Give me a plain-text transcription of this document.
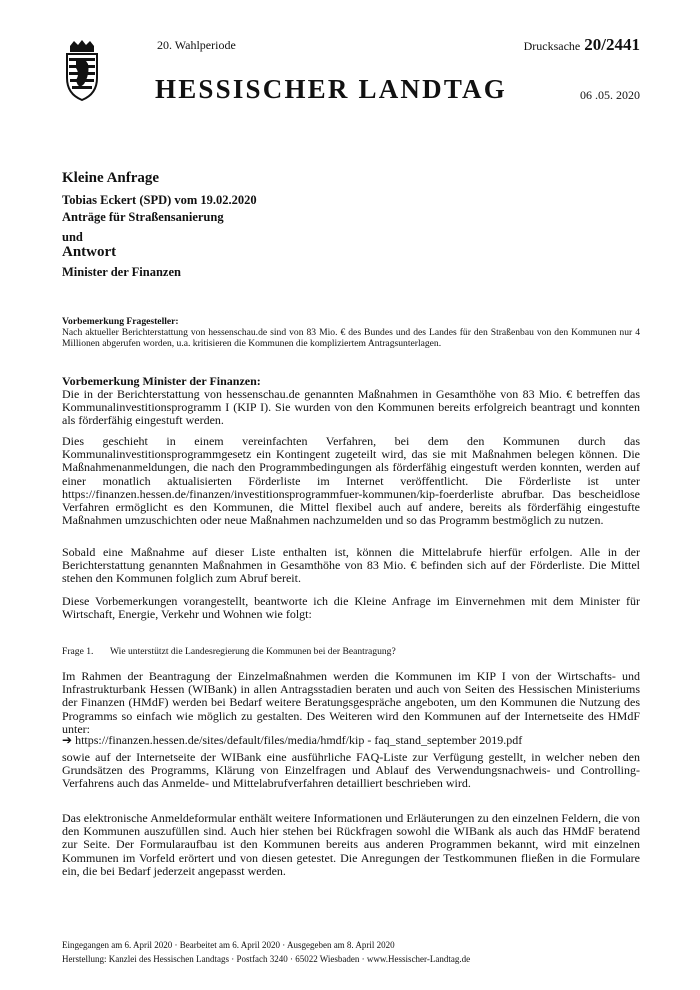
20. Wahlperiode
HESSISCHER LANDTAG
Drucksache 20/2441
06 .05. 2020
Kleine Anfrage
Tobias Eckert (SPD) vom 19.02.2020
Anträge für Straßensanierung
und
Antwort
Minister der Finanzen
Vorbemerkung Fragesteller:

Nach aktueller Berichterstattung von hessenschau.de sind von 83 Mio. € des Bundes und des Landes für den Straßenbau von den Kommunen nur 4 Millionen abgerufen worden, u.a. kritisieren die Kommunen die kompliziertem Antragsunterlagen.

Vorbemerkung Minister der Finanzen:

Die in der Berichterstattung von hessenschau.de genannten Maßnahmen in Gesamthöhe von 83 Mio. € betreffen das Kommunalinvestitionsprogramm I (KIP I). Sie wurden von den Kommunen bereits erfolgreich beantragt und konnten als förderfähig eingestuft werden.

Dies geschieht in einem vereinfachten Verfahren, bei dem den Kommunen durch das Kommunalinvestitionsprogrammgesetz ein Kontingent zugeteilt wird, das sie mit Maßnahmen belegen können. Die Maßnahmenanmeldungen, die nach den Programmbedingungen als förderfähig eingestuft werden konnten, werden auf einer monatlich aktualisierten Förderliste im Internet veröffentlicht. Die Förderliste ist unter https://finanzen.hessen.de/finanzen/investitionsprogrammfuer-kommunen/kip-foerderliste abrufbar. Das bescheidlose Verfahren ermöglicht es den Kommunen, die Mittel flexibel auch auf andere, bereits als förderfähig eingestufte Maßnahmen umzuschichten oder neue Maßnahmen nachzumelden und so das Programm bestmöglich zu nutzen.

Sobald eine Maßnahme auf dieser Liste enthalten ist, können die Mittelabrufe hierfür erfolgen. Alle in der Berichterstattung genannten Maßnahmen in Gesamthöhe von 83 Mio. € befinden sich auf der Förderliste. Die Mittel stehen den Kommunen folglich zum Abruf bereit.

Diese Vorbemerkungen vorangestellt, beantworte ich die Kleine Anfrage im Einvernehmen mit dem Minister für Wirtschaft, Energie, Verkehr und Wohnen wie folgt:

Frage 1. Wie unterstützt die Landesregierung die Kommunen bei der Beantragung?

Im Rahmen der Beantragung der Einzelmaßnahmen werden die Kommunen im KIP I von der Wirtschafts- und Infrastrukturbank Hessen (WIBank) in allen Antragsstadien beraten und auch von Seiten des Hessischen Ministeriums der Finanzen (HMdF) werden bei Bedarf weitere Beratungsgespräche angeboten, um den Kommunen die Nutzung des Programms so einfach wie möglich zu gestalten. Des Weiteren wird den Kommunen auf der Internetseite des HMdF unter:

➔ https://finanzen.hessen.de/sites/default/files/media/hmdf/kip - faq_stand_september 2019.pdf

sowie auf der Internetseite der WIBank eine ausführliche FAQ-Liste zur Verfügung gestellt, in welcher neben den Grundsätzen des Programms, Klärung von Einzelfragen und Ablauf des Verwendungsnachweis- und Controlling-Verfahrens auch das Anmelde- und Mittelabrufverfahren detailliert beschrieben wird.

Das elektronische Anmeldeformular enthält weitere Informationen und Erläuterungen zu den einzelnen Feldern, die von den Kommunen auszufüllen sind. Auch hier stehen bei Rückfragen sowohl die WIBank als auch das HMdF beratend zur Seite. Der Formularaufbau ist den Kommunen bereits aus anderen Programmen bekannt, wird mit einzelnen Kommunen im Vorfeld erörtert und von diesen getestet. Die Anregungen der Testkommunen fließen in die Formulare ein, die bei Bedarf jederzeit angepasst werden.

Eingegangen am 6. April 2020 · Bearbeitet am 6. April 2020 · Ausgegeben am 8. April 2020
Herstellung: Kanzlei des Hessischen Landtags · Postfach 3240 · 65022 Wiesbaden · www.Hessischer-Landtag.de
